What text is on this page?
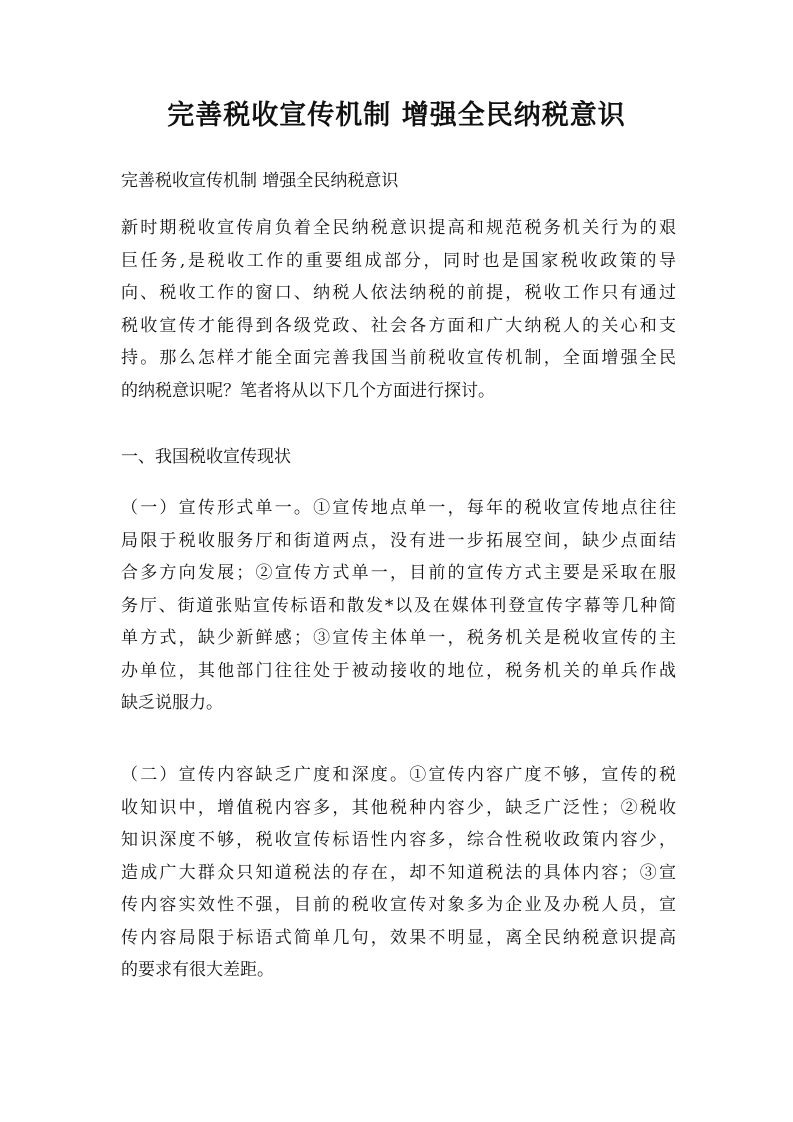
完善税收宣传机制 增强全民纳税意识

完善税收宣传机制 增强全民纳税意识

新时期税收宣传肩负着全民纳税意识提高和规范税务机关行为的艰
巨任务,是税收工作的重要组成部分，同时也是国家税收政策的导
向、税收工作的窗口、纳税人依法纳税的前提，税收工作只有通过
税收宣传才能得到各级党政、社会各方面和广大纳税人的关心和支
持。那么怎样才能全面完善我国当前税收宣传机制，全面增强全民
的纳税意识呢？笔者将从以下几个方面进行探讨。

一、我国税收宣传现状

（一）宣传形式单一。①宣传地点单一，每年的税收宣传地点往往
局限于税收服务厅和街道两点，没有进一步拓展空间，缺少点面结
合多方向发展；②宣传方式单一，目前的宣传方式主要是采取在服
务厅、街道张贴宣传标语和散发*以及在媒体刊登宣传字幕等几种简
单方式，缺少新鲜感；③宣传主体单一，税务机关是税收宣传的主
办单位，其他部门往往处于被动接收的地位，税务机关的单兵作战
缺乏说服力。
（二）宣传内容缺乏广度和深度。①宣传内容广度不够，宣传的税
收知识中，增值税内容多，其他税种内容少，缺乏广泛性；②税收
知识深度不够，税收宣传标语性内容多，综合性税收政策内容少，
造成广大群众只知道税法的存在，却不知道税法的具体内容；③宣
传内容实效性不强，目前的税收宣传对象多为企业及办税人员，宣
传内容局限于标语式简单几句，效果不明显，离全民纳税意识提高
的要求有很大差距。
